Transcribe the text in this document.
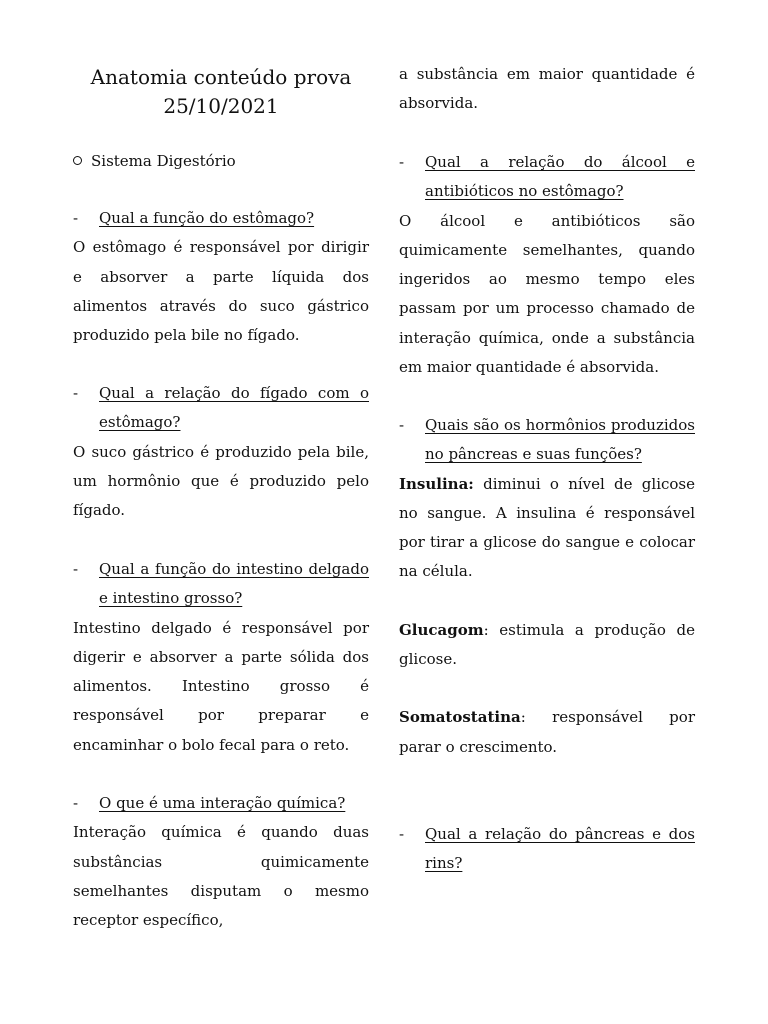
Anatomia conteúdo prova
25/10/2021
Sistema Digestório
- Qual a função do estômago?
O estômago é responsável por dirigir e absorver a parte líquida dos alimentos através do suco gástrico produzido pela bile no fígado.
- Qual a relação do fígado com o estômago?
O suco gástrico é produzido pela bile, um hormônio que é produzido pelo fígado.
- Qual a função do intestino delgado e intestino grosso?
Intestino delgado é responsável por digerir e absorver a parte sólida dos alimentos. Intestino grosso é responsável por preparar e encaminhar o bolo fecal para o reto.
- O que é uma interação química?
Interação química é quando duas substâncias quimicamente semelhantes disputam o mesmo receptor específico,
a substância em maior quantidade é absorvida.
- Qual a relação do álcool e antibióticos no estômago?
O álcool e antibióticos são quimicamente semelhantes, quando ingeridos ao mesmo tempo eles passam por um processo chamado de interação química, onde a substância em maior quantidade é absorvida.
- Quais são os hormônios produzidos no pâncreas e suas funções?
Insulina: diminui o nível de glicose no sangue. A insulina é responsável por tirar a glicose do sangue e colocar na célula.
Glucagom: estimula a produção de glicose.
Somatostatina: responsável por parar o crescimento.
- Qual a relação do pâncreas e dos rins?
